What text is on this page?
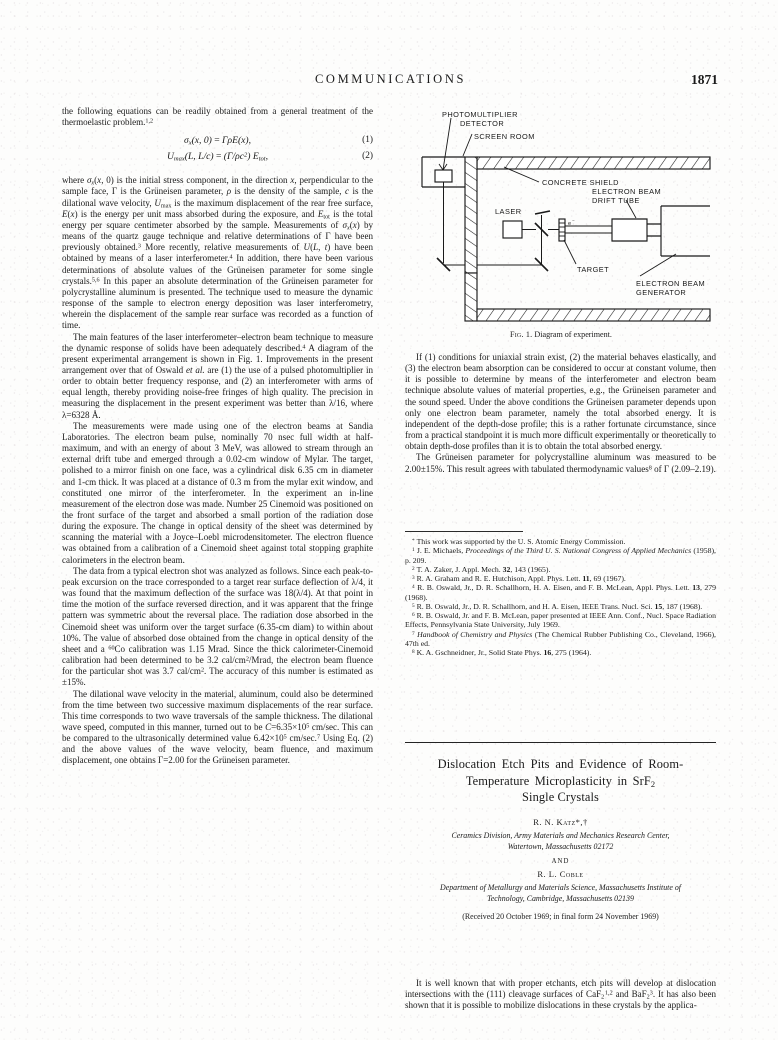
COMMUNICATIONS	1871

the following equations can be readily obtained from a general treatment of the thermoelastic problem.$^{1,2}$

$\sigma_x(x$, 0) = ΓρE(x),	(1)
$U_{max}(L$, $L/c) = (\Gamma/\rho c^2)$ $E_{tot}$,	(2)

where $\sigma_x(x$, 0) is the initial stress component, in the direction x, perpendicular to the sample face, Γ is the Grüneisen parameter, ρ is the density of the sample, c is the dilational wave velocity, $U_{max}$ is the maximum displacement of the rear free surface, E(x) is the energy per unit mass absorbed during the exposure, and $E_{tot}$ is the total energy per square centimeter absorbed by the sample. Measurements of $\sigma_x(x)$ by means of the quartz gauge technique and relative determinations of Γ have been previously obtained.$^3$ More recently, relative measurements of U(L, t) have been obtained by means of a laser interferometer.$^4$ In addition, there have been various determinations of absolute values of the Grüneisen parameter for some single crystals.$^{5,6}$ In this paper an absolute determination of the Grüneisen parameter for polycrystalline aluminum is presented. The technique used to measure the dynamic response of the sample to electron energy deposition was laser interferometry, wherein the displacement of the sample rear surface was recorded as a function of time.

The main features of the laser interferometer–electron beam technique to measure the dynamic response of solids have been adequately described.$^4$ A diagram of the present experimental arrangement is shown in Fig. 1. Improvements in the present arrangement over that of Oswald et al. are (1) the use of a pulsed photomultiplier in order to obtain better frequency response, and (2) an interferometer with arms of equal length, thereby providing noise-free fringes of high quality. The precision in measuring the displacement in the present experiment was better than λ/16, where λ=6328 Å.

The measurements were made using one of the electron beams at Sandia Laboratories. The electron beam pulse, nominally 70 nsec full width at half-maximum, and with an energy of about 3 MeV, was allowed to stream through an external drift tube and emerged through a 0.02-cm window of Mylar. The target, polished to a mirror finish on one face, was a cylindrical disk 6.35 cm in diameter and 1-cm thick. It was placed at a distance of 0.3 m from the mylar exit window, and constituted one mirror of the interferometer. In the experiment an in-line measurement of the electron dose was made. Number 25 Cinemoid was positioned on the front surface of the target and absorbed a small portion of the radiation dose during the exposure. The change in optical density of the sheet was determined by scanning the material with a Joyce–Loebl microdensitometer. The electron fluence was obtained from a calibration of a Cinemoid sheet against total stopping graphite calorimeters in the electron beam.

The data from a typical electron shot was analyzed as follows. Since each peak-to-peak excursion on the trace corresponded to a target rear surface deflection of λ/4, it was found that the maximum deflection of the surface was 18(λ/4). At that point in time the motion of the surface reversed direction, and it was apparent that the fringe pattern was symmetric about the reversal place. The radiation dose absorbed in the Cinemoid sheet was uniform over the target surface (6.35-cm diam) to within about 10%. The value of absorbed dose obtained from the change in optical density of the sheet and a $^{60}$Co calibration was 1.15 Mrad. Since the thick calorimeter-Cinemoid calibration had been determined to be 3.2 cal/$cm^2$/Mrad, the electron beam fluence for the particular shot was 3.7 cal/$cm^2$. The accuracy of this number is estimated as ±15%.

The dilational wave velocity in the material, aluminum, could also be determined from the time between two successive maximum displacements of the rear surface. This time corresponds to two wave traversals of the sample thickness. The dilational wave speed, computed in this manner, turned out to be $C=6.35\times 10^5$ cm/sec. This can be compared to the ultrasonically determined value $6.42\times 10^5$ cm/sec.$^7$ Using Eq. (2) and the above values of the wave velocity, beam fluence, and maximum displacement, one obtains Γ=2.00 for the Grüneisen parameter.

PHOTOMULTIPLIER
DETECTOR
SCREEN ROOM
CONCRETE SHIELD
ELECTRON BEAM
DRIFT TUBE
LASER
TARGET
ELECTRON BEAM
GENERATOR
e
−
Fig. 1. Diagram of experiment.

If (1) conditions for uniaxial strain exist, (2) the material behaves elastically, and (3) the electron beam absorption can be considered to occur at constant volume, then it is possible to determine by means of the interferometer and electron beam technique absolute values of material properties, e.g., the Grüneisen parameter and the sound speed. Under the above conditions the Grüneisen parameter depends upon only one electron beam parameter, namely the total absorbed energy. It is independent of the depth-dose profile; this is a rather fortunate circumstance, since from a practical standpoint it is much more difficult experimentally or theoretically to obtain depth-dose profiles than it is to obtain the total absorbed energy.

The Grüneisen parameter for polycrystalline aluminum was measured to be 2.00±15%. This result agrees with tabulated thermodynamic values$^8$ of Γ (2.09–2.19).

* This work was supported by the U. S. Atomic Energy Commission.

$^1$ J. E. Michaels, Proceedings of the Third U. S. National Congress of Applied Mechanics (1958), p. 209.

$^2$ T. A. Zaker, J. Appl. Mech. 32, 143 (1965).

$^3$ R. A. Graham and R. E. Hutchison, Appl. Phys. Lett. 11, 69 (1967).

$^4$ R. B. Oswald, Jr., D. R. Schallhorn, H. A. Eisen, and F. B. McLean, Appl. Phys. Lett. 13, 279 (1968).

$^5$ R. B. Oswald, Jr., D. R. Schallhorn, and H. A. Eisen, IEEE Trans. Nucl. Sci. 15, 187 (1968).

$^6$ R. B. Oswald, Jr. and F. B. McLean, paper presented at IEEE Ann. Conf., Nucl. Space Radiation Effects, Pennsylvania State University, July 1969.

$^7$ Handbook of Chemistry and Physics (The Chemical Rubber Publishing Co., Cleveland, 1966), 47th ed.

$^8$ K. A. Gschneidner, Jr., Solid State Phys. 16, 275 (1964).

Dislocation Etch Pits and Evidence of Room-
Temperature Microplasticity in SrF$_2$
Single Crystals
R. N. Katz*,†
Ceramics Division, Army Materials and Mechanics Research Center,
Watertown, Massachusetts 02172
AND
R. L. Coble
Department of Metallurgy and Materials Science, Massachusetts Institute of
Technology, Cambridge, Massachusetts 02139
(Received 20 October 1969; in final form 24 November 1969)

It is well known that with proper etchants, etch pits will develop at dislocation intersections with the (111) cleavage surfaces of CaF$_2$ $^{1,2}$ and BaF$_2^3$. It has also been shown that it is possible to mobilize dislocations in these crystals by the applica-
